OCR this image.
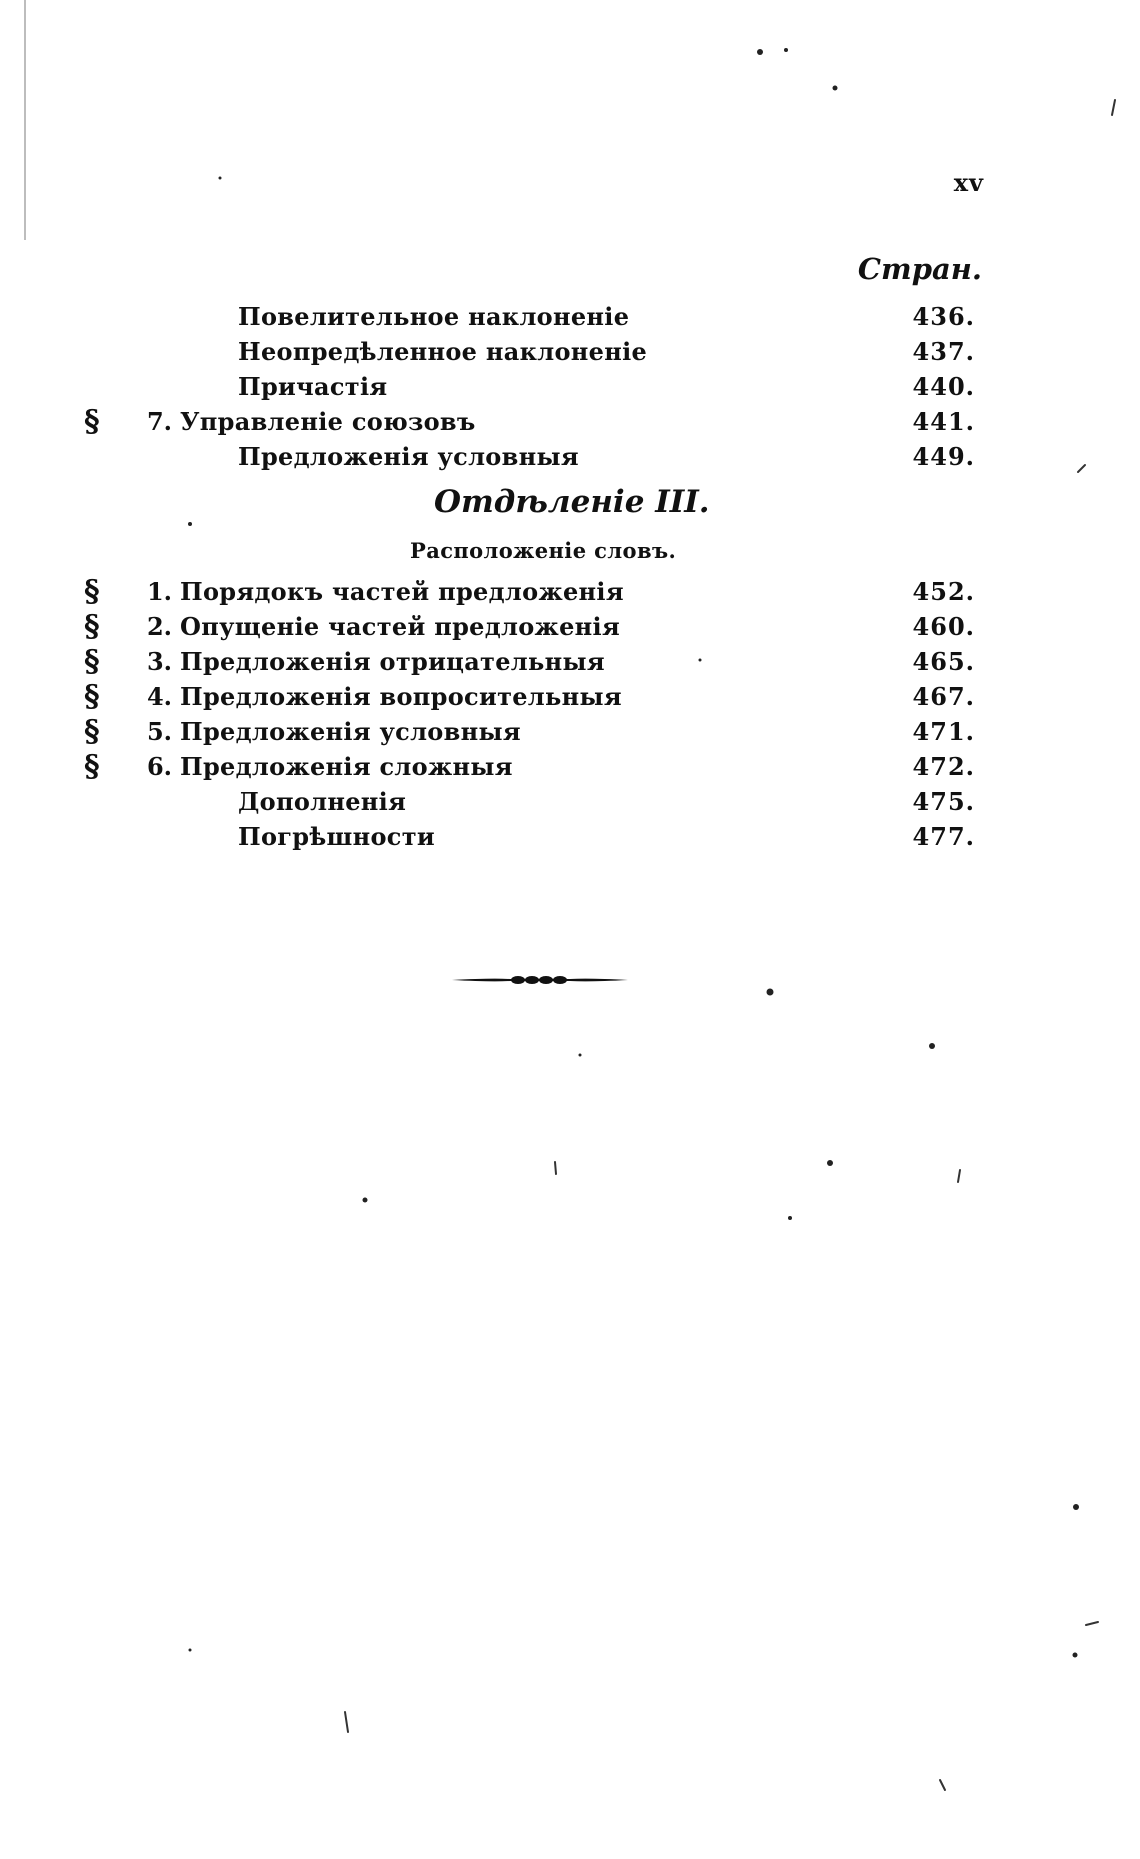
xv
Стран.
Повелительное наклоненіе	436.
Неопредѣленное наклоненіе	437.
Причастія	440.
§	7. Управленіе союзовъ	441.
Предложенія условныя	449.
Отдѣленіе III.
Расположеніе словъ.
§	1. Порядокъ частей предложенія	452.
§	2. Опущеніе частей предложенія	460.
§	3. Предложенія отрицательныя	465.
§	4. Предложенія вопросительныя	467.
§	5. Предложенія условныя	471.
§	6. Предложенія сложныя	472.
Дополненія	475.
Погрѣшности	477.
